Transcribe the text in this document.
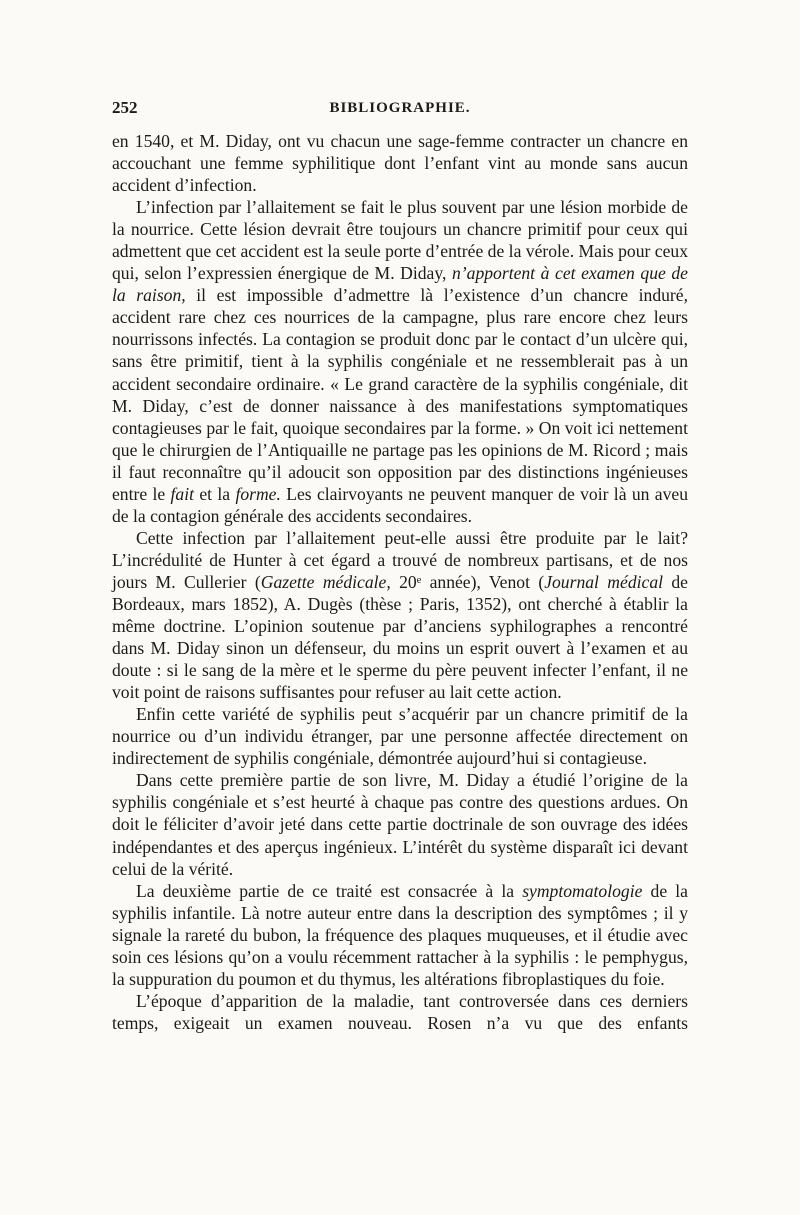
252	BIBLIOGRAPHIE.

en 1540, et M. Diday, ont vu chacun une sage-femme contracter un chancre en accouchant une femme syphilitique dont l’enfant vint au monde sans aucun accident d’infection.

L’infection par l’allaitement se fait le plus souvent par une lésion morbide de la nourrice. Cette lésion devrait être toujours un chancre primitif pour ceux qui admettent que cet accident est la seule porte d’entrée de la vérole. Mais pour ceux qui, selon l’expressien énergique de M. Diday, n’apportent à cet examen que de la raison, il est impossible d’admettre là l’existence d’un chancre induré, accident rare chez ces nourrices de la campagne, plus rare encore chez leurs nourrissons infectés. La contagion se produit donc par le contact d’un ulcère qui, sans être primitif, tient à la syphilis congéniale et ne ressemblerait pas à un accident secondaire ordinaire. « Le grand caractère de la syphilis congéniale, dit M. Diday, c’est de donner naissance à des manifestations symptomatiques contagieuses par le fait, quoique secondaires par la forme. » On voit ici nettement que le chirurgien de l’Antiquaille ne partage pas les opinions de M. Ricord ; mais il faut reconnaître qu’il adoucit son opposition par des distinctions ingénieuses entre le fait et la forme. Les clairvoyants ne peuvent manquer de voir là un aveu de la contagion générale des accidents secondaires.

Cette infection par l’allaitement peut-elle aussi être produite par le lait? L’incrédulité de Hunter à cet égard a trouvé de nombreux partisans, et de nos jours M. Cullerier (Gazette médicale, 20ᵉ année), Venot (Journal médical de Bordeaux, mars 1852), A. Dugès (thèse ; Paris, 1352), ont cherché à établir la même doctrine. L’opinion soutenue par d’anciens syphilographes a rencontré dans M. Diday sinon un défenseur, du moins un esprit ouvert à l’examen et au doute : si le sang de la mère et le sperme du père peuvent infecter l’enfant, il ne voit point de raisons suffisantes pour refuser au lait cette action.

Enfin cette variété de syphilis peut s’acquérir par un chancre primitif de la nourrice ou d’un individu étranger, par une personne affectée directement on indirectement de syphilis congéniale, démontrée aujourd’hui si contagieuse.

Dans cette première partie de son livre, M. Diday a étudié l’origine de la syphilis congéniale et s’est heurté à chaque pas contre des questions ardues. On doit le féliciter d’avoir jeté dans cette partie doctrinale de son ouvrage des idées indépendantes et des aperçus ingénieux. L’intérêt du système disparaît ici devant celui de la vérité.

La deuxième partie de ce traité est consacrée à la symptomatologie de la syphilis infantile. Là notre auteur entre dans la description des symptômes ; il y signale la rareté du bubon, la fréquence des plaques muqueuses, et il étudie avec soin ces lésions qu’on a voulu récemment rattacher à la syphilis : le pemphygus, la suppuration du poumon et du thymus, les altérations fibroplastiques du foie.

L’époque d’apparition de la maladie, tant controversée dans ces derniers temps, exigeait un examen nouveau. Rosen n’a vu que des enfants
